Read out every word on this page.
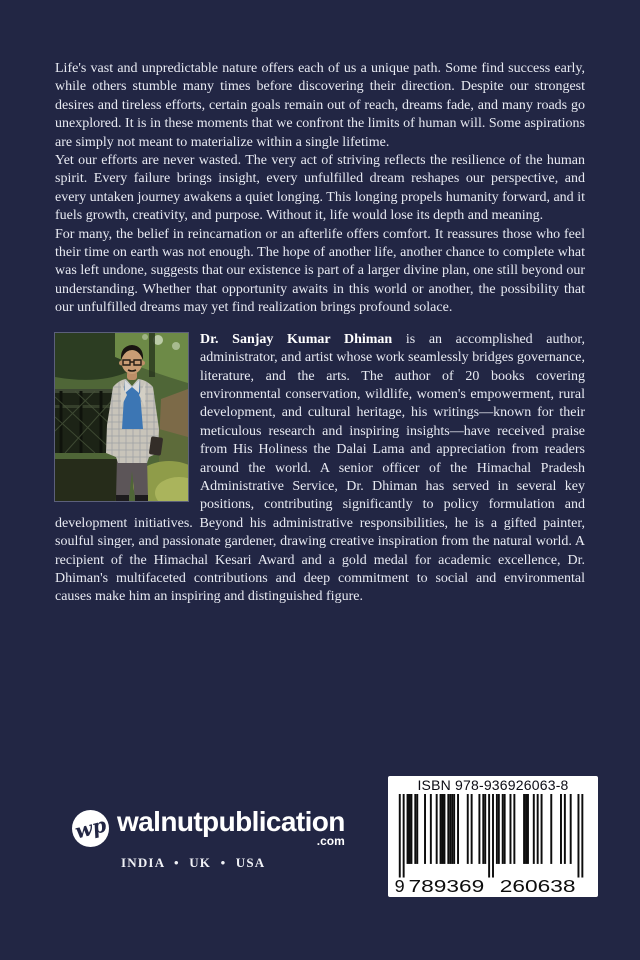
Life's vast and unpredictable nature offers each of us a unique path. Some find success early, while others stumble many times before discovering their direction. Despite our strongest desires and tireless efforts, certain goals remain out of reach, dreams fade, and many roads go unexplored. It is in these moments that we confront the limits of human will. Some aspirations are simply not meant to materialize within a single lifetime.

Yet our efforts are never wasted. The very act of striving reflects the resilience of the human spirit. Every failure brings insight, every unfulfilled dream reshapes our perspective, and every untaken journey awakens a quiet longing. This longing propels humanity forward, and it fuels growth, creativity, and purpose. Without it, life would lose its depth and meaning.

For many, the belief in reincarnation or an afterlife offers comfort. It reassures those who feel their time on earth was not enough. The hope of another life, another chance to complete what was left undone, suggests that our existence is part of a larger divine plan, one still beyond our understanding. Whether that opportunity awaits in this world or another, the possibility that our unfulfilled dreams may yet find realization brings profound solace.

Dr. Sanjay Kumar Dhiman is an accomplished author, administrator, and artist whose work seamlessly bridges governance, literature, and the arts. The author of 20 books covering environmental conservation, wildlife, women's empowerment, rural development, and cultural heritage, his writings—known for their meticulous research and inspiring insights—have received praise from His Holiness the Dalai Lama and appreciation from readers around the world. A senior officer of the Himachal Pradesh Administrative Service, Dr. Dhiman has served in several key positions, contributing significantly to policy formulation and development initiatives. Beyond his administrative responsibilities, he is a gifted painter, soulful singer, and passionate gardener, drawing creative inspiration from the natural world. A recipient of the Himachal Kesari Award and a gold medal for academic excellence, Dr. Dhiman's multifaceted contributions and deep commitment to social and environmental causes make him an inspiring and distinguished figure.

wp walnutpublication
.com
INDIA • UK • USA
ISBN 978-936926063-8
9 789369 260638
